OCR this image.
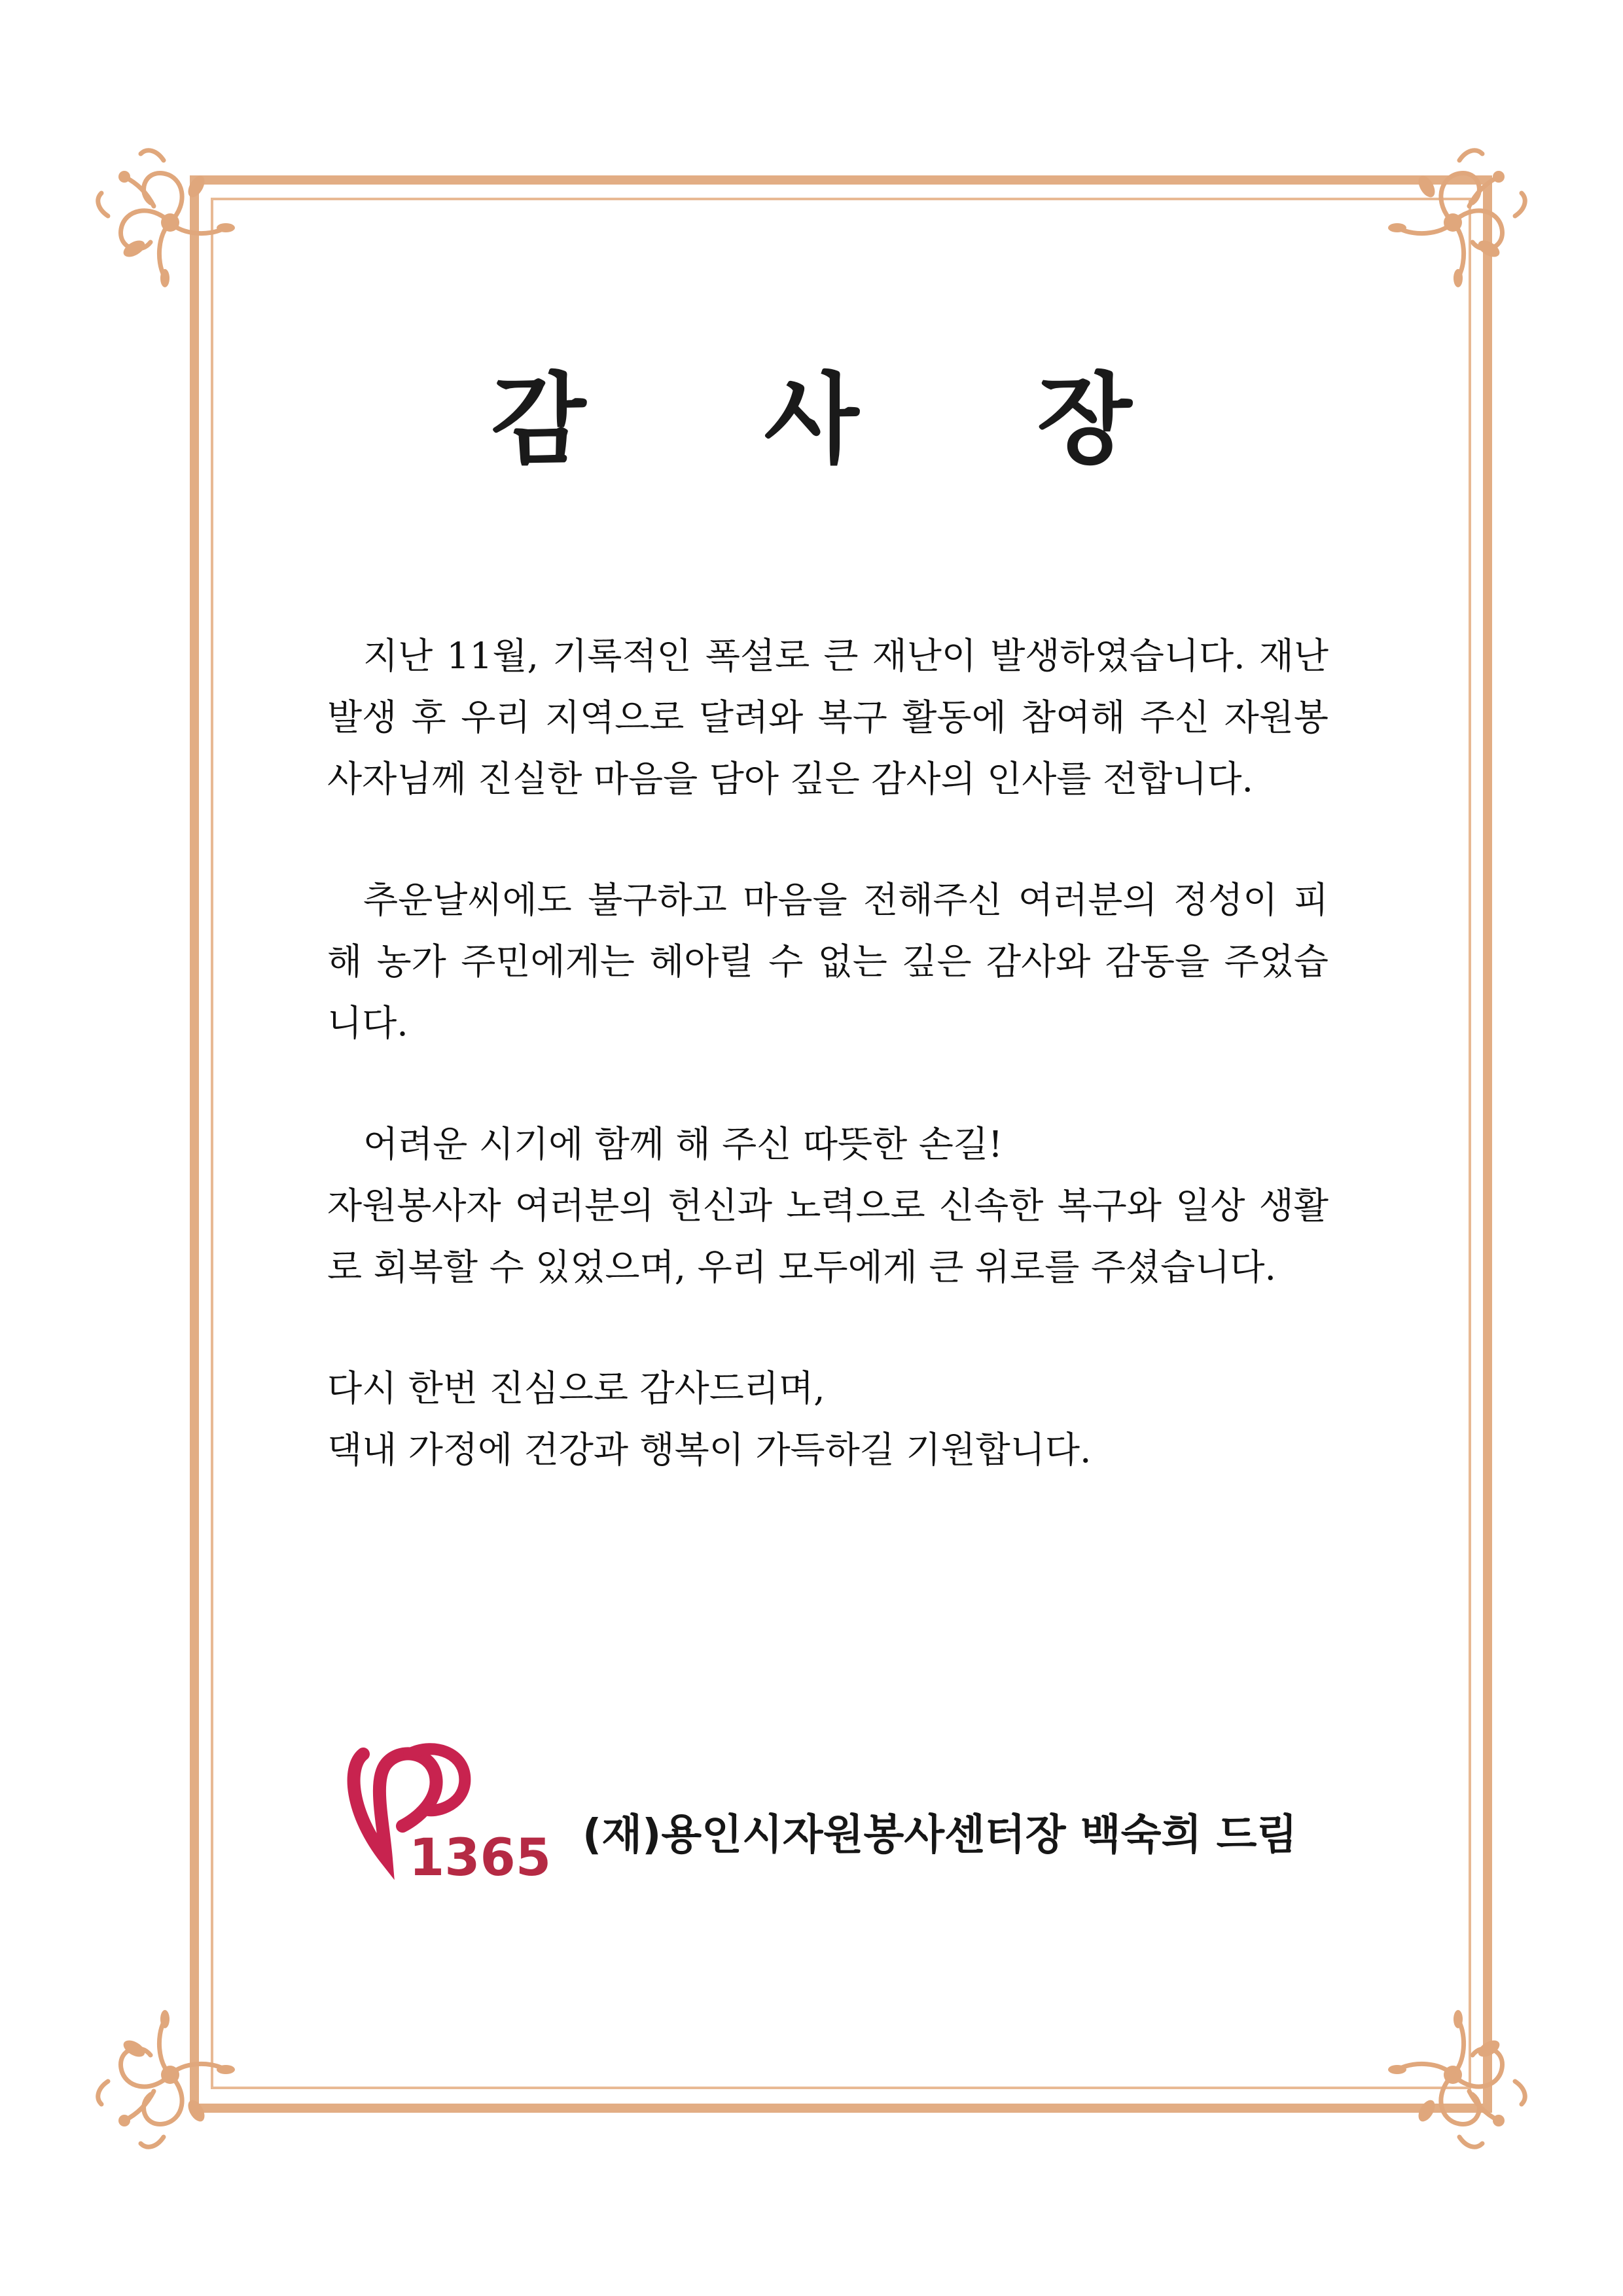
감 사 장

지난 11월, 기록적인 폭설로 큰 재난이 발생하였습니다. 재난 발생 후 우리 지역으로 달려와 복구 활동에 참여해 주신 자원봉사자님께 진실한 마음을 담아 깊은 감사의 인사를 전합니다.

추운날씨에도 불구하고 마음을 전해주신 여러분의 정성이 피해 농가 주민에게는 헤아릴 수 없는 깊은 감사와 감동을 주었습니다.

어려운 시기에 함께 해 주신 따뜻한 손길!
자원봉사자 여러분의 헌신과 노력으로 신속한 복구와 일상 생활로 회복할 수 있었으며, 우리 모두에게 큰 위로를 주셨습니다.

다시 한번 진심으로 감사드리며,
댁내 가정에 건강과 행복이 가득하길 기원합니다.

1365 (재)용인시자원봉사센터장 백숙희 드림
